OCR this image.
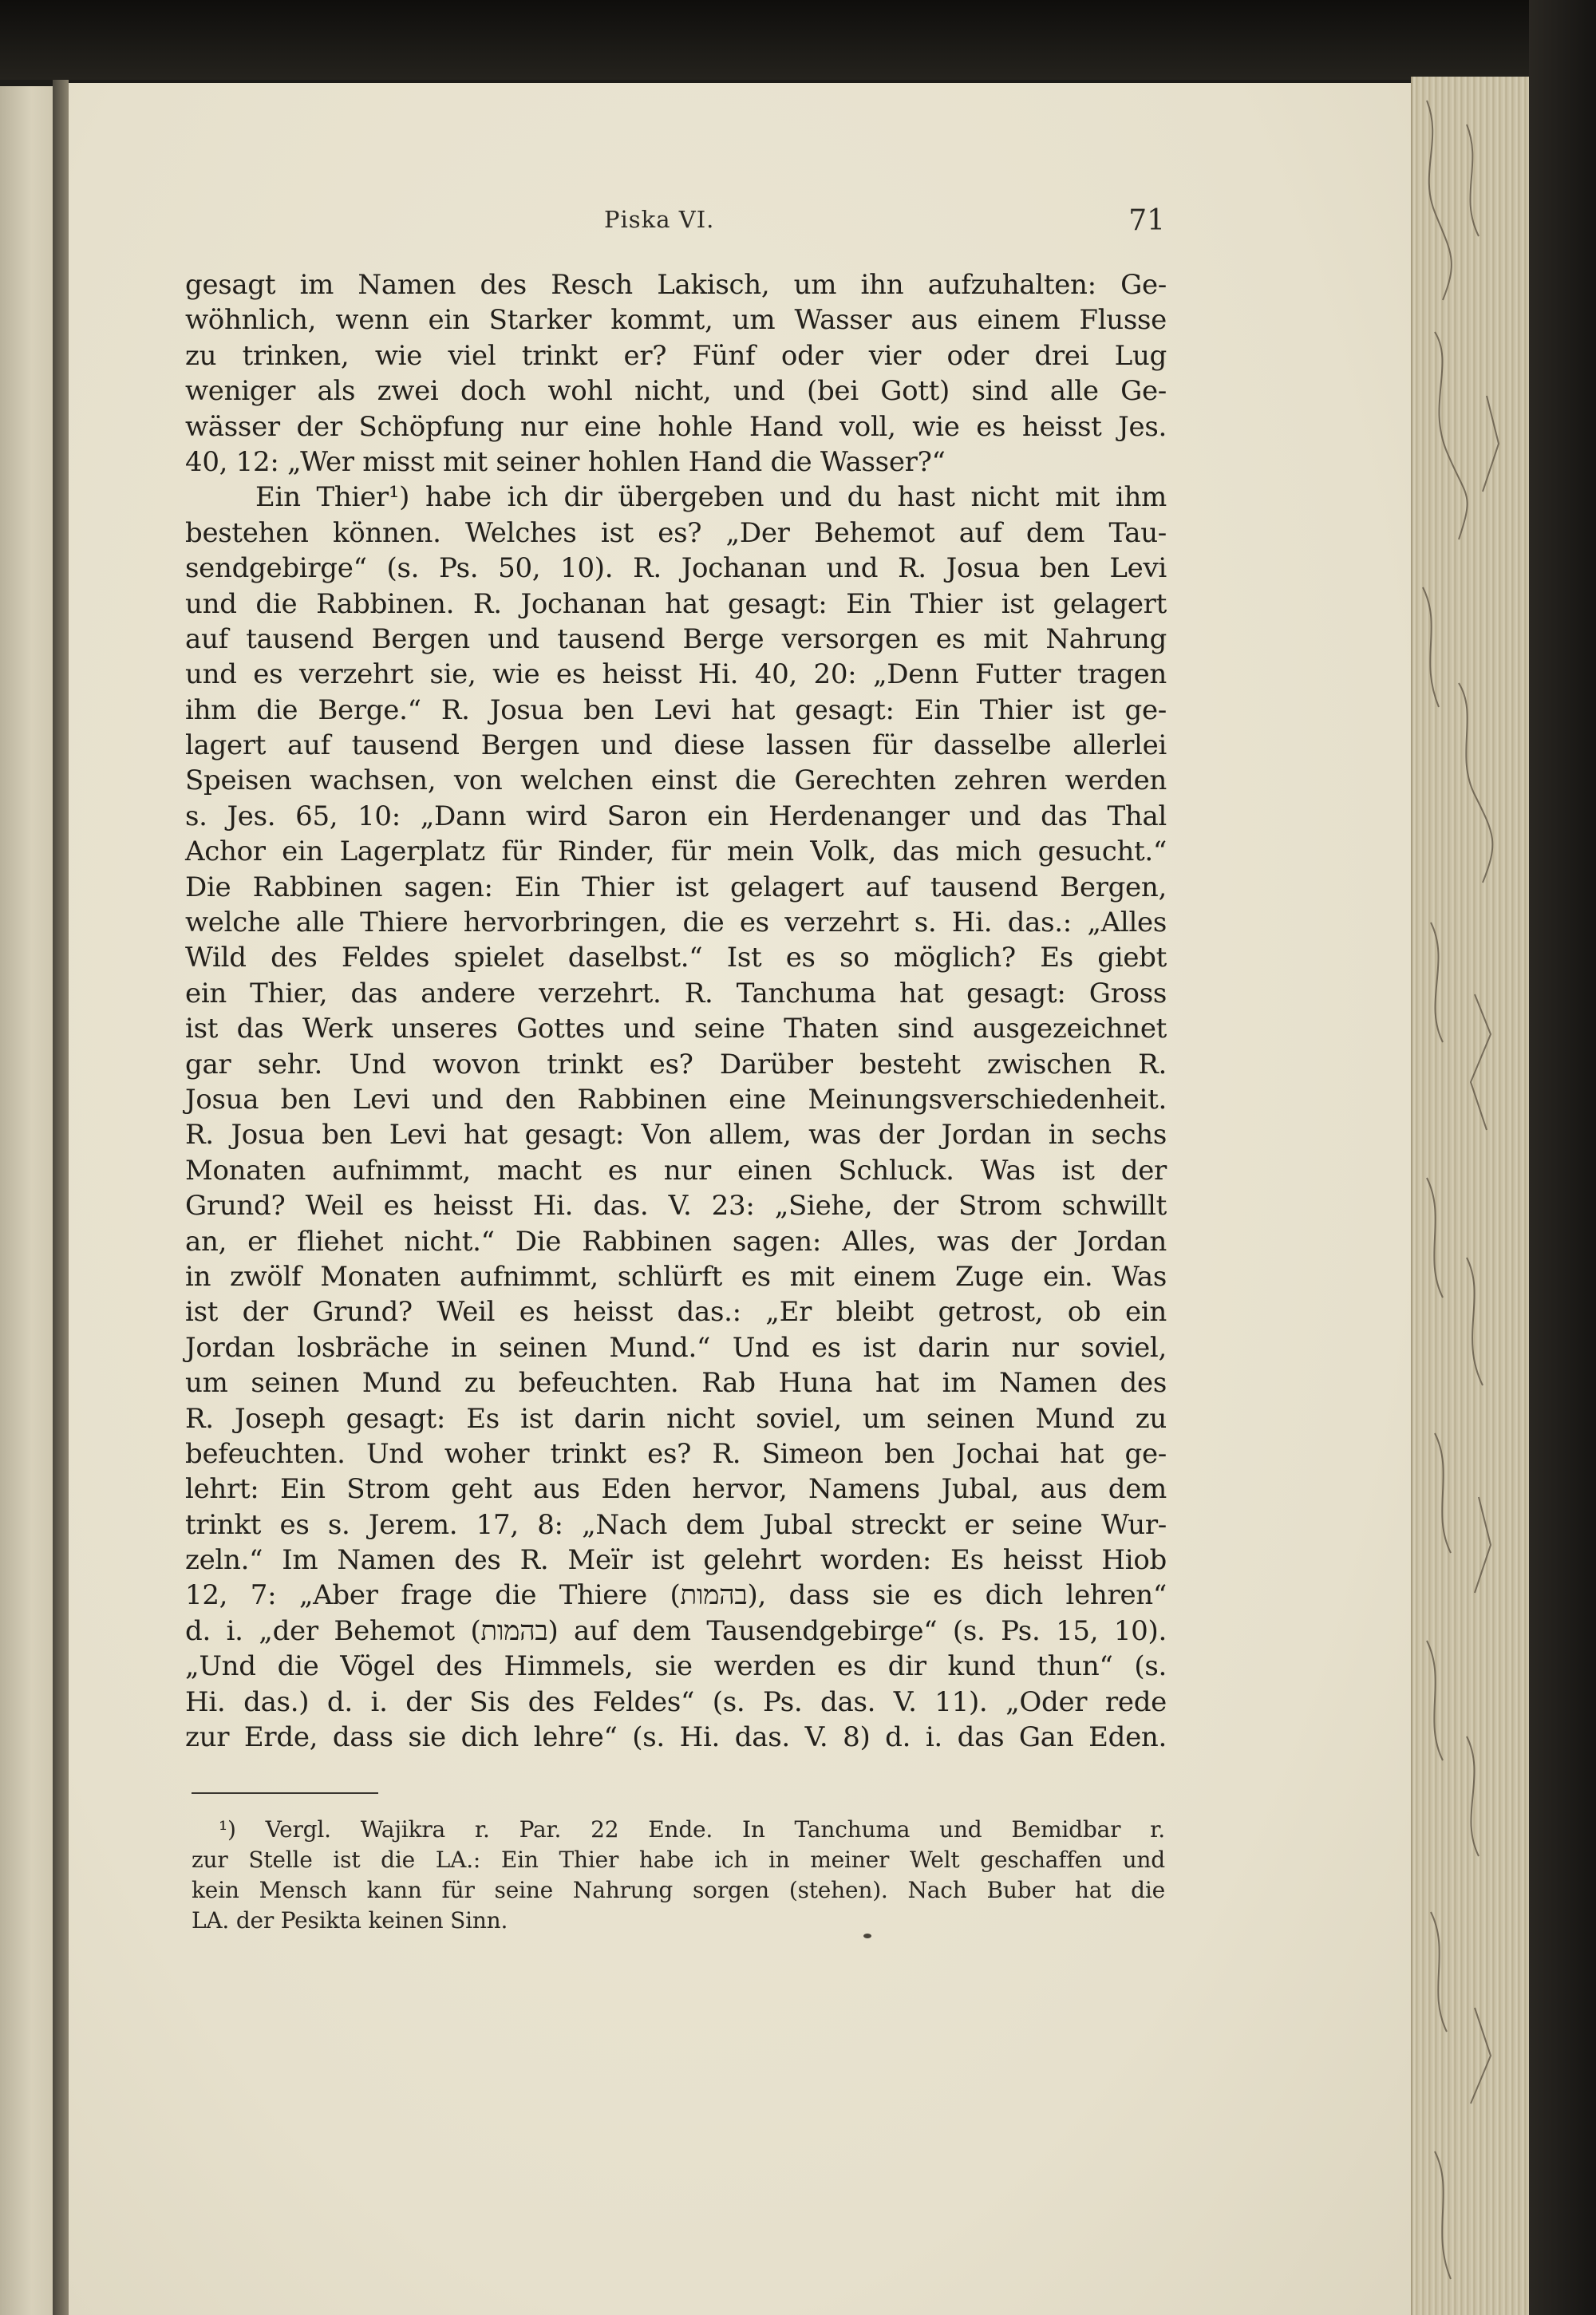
Piska VI.	71
gesagt im Namen des Resch Lakisch, um ihn aufzuhalten: Ge-
wöhnlich, wenn ein Starker kommt, um Wasser aus einem Flusse
zu trinken, wie viel trinkt er? Fünf oder vier oder drei Lug
weniger als zwei doch wohl nicht, und (bei Gott) sind alle Ge-
wässer der Schöpfung nur eine hohle Hand voll, wie es heisst Jes.
40, 12: „Wer misst mit seiner hohlen Hand die Wasser?“
Ein Thier¹) habe ich dir übergeben und du hast nicht mit ihm
bestehen können. Welches ist es? „Der Behemot auf dem Tau-
sendgebirge“ (s. Ps. 50, 10). R. Jochanan und R. Josua ben Levi
und die Rabbinen. R. Jochanan hat gesagt: Ein Thier ist gelagert
auf tausend Bergen und tausend Berge versorgen es mit Nahrung
und es verzehrt sie, wie es heisst Hi. 40, 20: „Denn Futter tragen
ihm die Berge.“ R. Josua ben Levi hat gesagt: Ein Thier ist ge-
lagert auf tausend Bergen und diese lassen für dasselbe allerlei
Speisen wachsen, von welchen einst die Gerechten zehren werden
s. Jes. 65, 10: „Dann wird Saron ein Herdenanger und das Thal
Achor ein Lagerplatz für Rinder, für mein Volk, das mich gesucht.“
Die Rabbinen sagen: Ein Thier ist gelagert auf tausend Bergen,
welche alle Thiere hervorbringen, die es verzehrt s. Hi. das.: „Alles
Wild des Feldes spielet daselbst.“ Ist es so möglich? Es giebt
ein Thier, das andere verzehrt. R. Tanchuma hat gesagt: Gross
ist das Werk unseres Gottes und seine Thaten sind ausgezeichnet
gar sehr. Und wovon trinkt es? Darüber besteht zwischen R.
Josua ben Levi und den Rabbinen eine Meinungsverschiedenheit.
R. Josua ben Levi hat gesagt: Von allem, was der Jordan in sechs
Monaten aufnimmt, macht es nur einen Schluck. Was ist der
Grund? Weil es heisst Hi. das. V. 23: „Siehe, der Strom schwillt
an, er fliehet nicht.“ Die Rabbinen sagen: Alles, was der Jordan
in zwölf Monaten aufnimmt, schlürft es mit einem Zuge ein. Was
ist der Grund? Weil es heisst das.: „Er bleibt getrost, ob ein
Jordan losbräche in seinen Mund.“ Und es ist darin nur soviel,
um seinen Mund zu befeuchten. Rab Huna hat im Namen des
R. Joseph gesagt: Es ist darin nicht soviel, um seinen Mund zu
befeuchten. Und woher trinkt es? R. Simeon ben Jochai hat ge-
lehrt: Ein Strom geht aus Eden hervor, Namens Jubal, aus dem
trinkt es s. Jerem. 17, 8: „Nach dem Jubal streckt er seine Wur-
zeln.“ Im Namen des R. Meïr ist gelehrt worden: Es heisst Hiob
12, 7: „Aber frage die Thiere (בהמות), dass sie es dich lehren“
d. i. „der Behemot (בהמות) auf dem Tausendgebirge“ (s. Ps. 15, 10).
„Und die Vögel des Himmels, sie werden es dir kund thun“ (s.
Hi. das.) d. i. der Sis des Feldes“ (s. Ps. das. V. 11). „Oder rede
zur Erde, dass sie dich lehre“ (s. Hi. das. V. 8) d. i. das Gan Eden.
¹) Vergl. Wajikra r. Par. 22 Ende. In Tanchuma und Bemidbar r.
zur Stelle ist die LA.: Ein Thier habe ich in meiner Welt geschaffen und
kein Mensch kann für seine Nahrung sorgen (stehen). Nach Buber hat die
LA. der Pesikta keinen Sinn.
